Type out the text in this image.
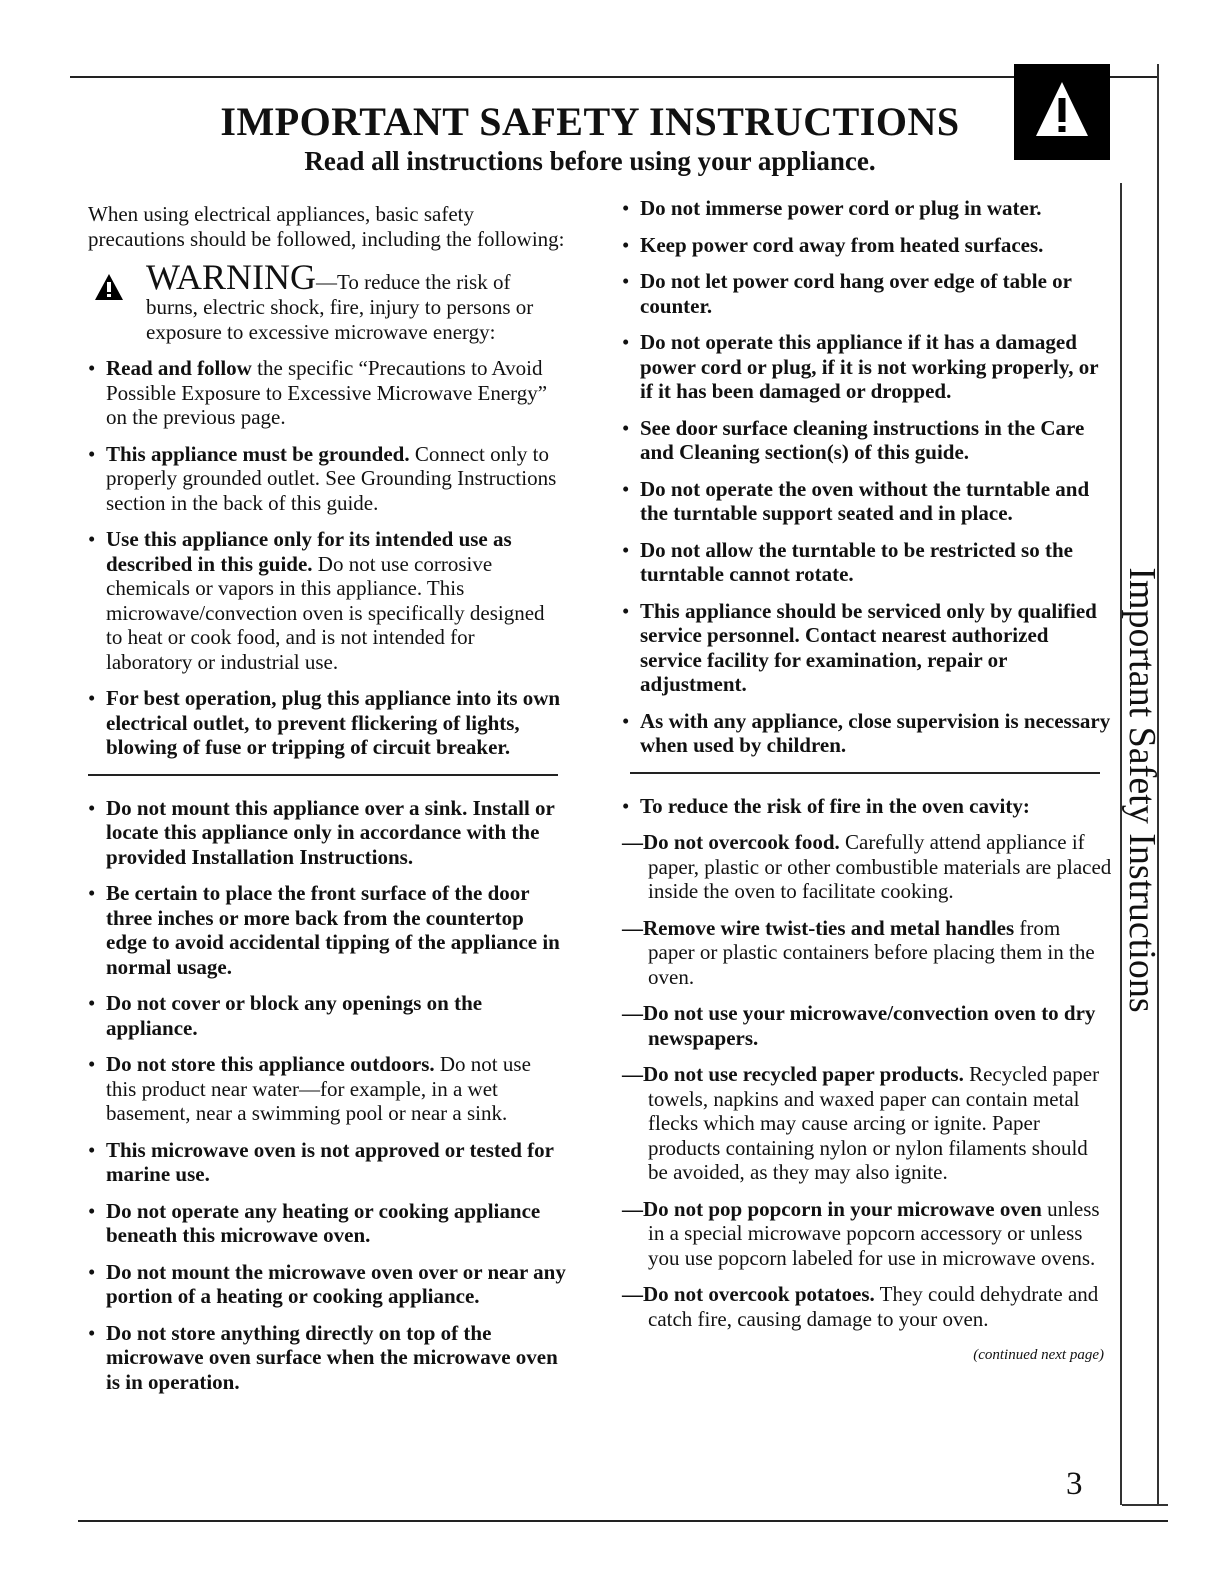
IMPORTANT SAFETY INSTRUCTIONS
Read all instructions before using your appliance.
Important Safety Instructions

When using electrical appliances, basic safety precautions should be followed, including the following:

WARNING—To reduce the risk of
burns, electric shock, fire, injury to persons or exposure to excessive microwave energy:
• Read and follow the specific “Precautions to Avoid Possible Exposure to Excessive Microwave Energy” on the previous page.
• This appliance must be grounded. Connect only to properly grounded outlet. See Grounding Instructions section in the back of this guide.
• Use this appliance only for its intended use as described in this guide. Do not use corrosive chemicals or vapors in this appliance. This microwave/convection oven is specifically designed to heat or cook food, and is not intended for laboratory or industrial use.
• For best operation, plug this appliance into its own electrical outlet, to prevent flickering of lights, blowing of fuse or tripping of circuit breaker.
• Do not mount this appliance over a sink. Install or locate this appliance only in accordance with the provided Installation Instructions.
• Be certain to place the front surface of the door three inches or more back from the countertop edge to avoid accidental tipping of the appliance in normal usage.
• Do not cover or block any openings on the appliance.
• Do not store this appliance outdoors. Do not use this product near water—for example, in a wet basement, near a swimming pool or near a sink.
• This microwave oven is not approved or tested for marine use.
• Do not operate any heating or cooking appliance beneath this microwave oven.
• Do not mount the microwave oven over or near any portion of a heating or cooking appliance.
• Do not store anything directly on top of the microwave oven surface when the microwave oven is in operation.
• Do not immerse power cord or plug in water.
• Keep power cord away from heated surfaces.
• Do not let power cord hang over edge of table or counter.
• Do not operate this appliance if it has a damaged power cord or plug, if it is not working properly, or if it has been damaged or dropped.
• See door surface cleaning instructions in the Care and Cleaning section(s) of this guide.
• Do not operate the oven without the turntable and the turntable support seated and in place.
• Do not allow the turntable to be restricted so the turntable cannot rotate.
• This appliance should be serviced only by qualified service personnel. Contact nearest authorized service facility for examination, repair or adjustment.
• As with any appliance, close supervision is necessary when used by children.
• To reduce the risk of fire in the oven cavity:
—Do not overcook food. Carefully attend appliance if paper, plastic or other combustible materials are placed inside the oven to facilitate cooking.
—Remove wire twist-ties and metal handles from paper or plastic containers before placing them in the oven.
—Do not use your microwave/convection oven to dry newspapers.
—Do not use recycled paper products. Recycled paper towels, napkins and waxed paper can contain metal flecks which may cause arcing or ignite. Paper products containing nylon or nylon filaments should be avoided, as they may also ignite.
—Do not pop popcorn in your microwave oven unless in a special microwave popcorn accessory or unless you use popcorn labeled for use in microwave ovens.
—Do not overcook potatoes. They could dehydrate and catch fire, causing damage to your oven.
(continued next page)
3
